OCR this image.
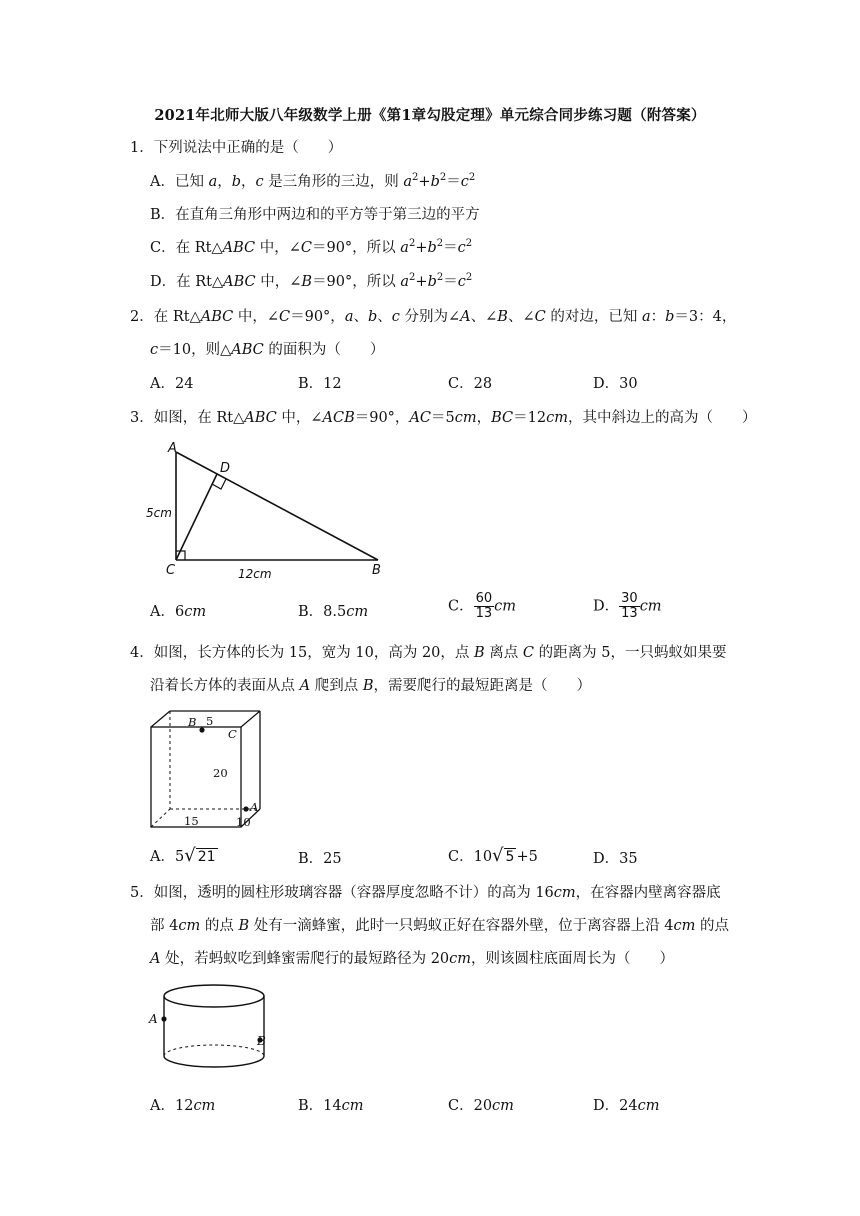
2021年北师大版八年级数学上册《第1章勾股定理》单元综合同步练习题（附答案）
1．下列说法中正确的是（　　）
A．已知 a，b，c 是三角形的三边，则 $a^2+b^2=c^2$
B．在直角三角形中两边和的平方等于第三边的平方
C．在 Rt△ABC 中，∠C＝90°，所以 $a^2+b^2=c^2$
D．在 Rt△ABC 中，∠B＝90°，所以 $a^2+b^2=c^2$
2．在 Rt△ABC 中，∠C＝90°，a、b、c 分别为∠A、∠B、∠C 的对边，已知 a：b＝3：4，
c＝10，则△ABC 的面积为（　　）
A．24	B．12	C．28	D．30
3．如图，在 Rt△ABC 中，∠ACB＝90°，AC＝5cm，BC＝12cm，其中斜边上的高为（　　）
A
D
C	B
5cm
12cm
A．6cm	B．8.5cm	C． $\frac{60}{13}$ cm	D． $\frac{30}{13}$ cm
4．如图，长方体的长为 15，宽为 10，高为 20，点 B 离点 C 的距离为 5，一只蚂蚁如果要
沿着长方体的表面从点 A 爬到点 B，需要爬行的最短距离是（　　）
B 5
C
20
A
15	10
A．5√ 21	B．25	C．10√ 5 +5	D．35
5．如图，透明的圆柱形玻璃容器（容器厚度忽略不计）的高为 16cm，在容器内壁离容器底
部 4cm 的点 B 处有一滴蜂蜜，此时一只蚂蚁正好在容器外壁，位于离容器上沿 4cm 的点
A 处，若蚂蚁吃到蜂蜜需爬行的最短路径为 20cm，则该圆柱底面周长为（　　）
A
B
A．12cm	B．14cm	C．20cm	D．24cm
